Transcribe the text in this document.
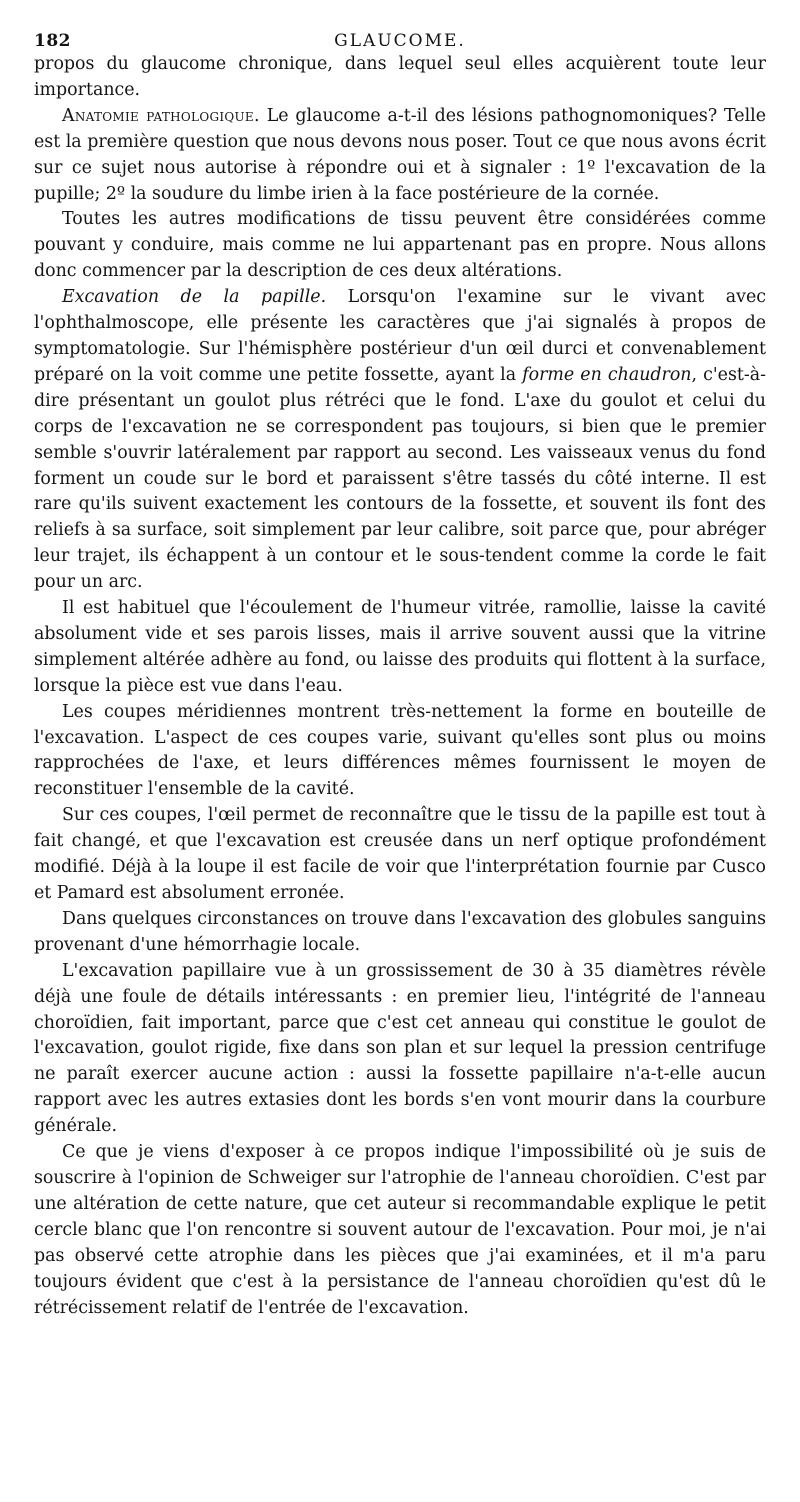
182	GLAUCOME.

propos du glaucome chronique, dans lequel seul elles acquièrent toute leur importance.

Anatomie pathologique. Le glaucome a-t-il des lésions pathognomoniques? Telle est la première question que nous devons nous poser. Tout ce que nous avons écrit sur ce sujet nous autorise à répondre oui et à signaler : 1º l'excavation de la pupille; 2º la soudure du limbe irien à la face postérieure de la cornée.

Toutes les autres modifications de tissu peuvent être considérées comme pouvant y conduire, mais comme ne lui appartenant pas en propre. Nous allons donc commencer par la description de ces deux altérations.

Excavation de la papille. Lorsqu'on l'examine sur le vivant avec l'ophthalmoscope, elle présente les caractères que j'ai signalés à propos de symptomatologie. Sur l'hémisphère postérieur d'un œil durci et convenablement préparé on la voit comme une petite fossette, ayant la forme en chaudron, c'est-à-dire présentant un goulot plus rétréci que le fond. L'axe du goulot et celui du corps de l'excavation ne se correspondent pas toujours, si bien que le premier semble s'ouvrir latéralement par rapport au second. Les vaisseaux venus du fond forment un coude sur le bord et paraissent s'être tassés du côté interne. Il est rare qu'ils suivent exactement les contours de la fossette, et souvent ils font des reliefs à sa surface, soit simplement par leur calibre, soit parce que, pour abréger leur trajet, ils échappent à un contour et le sous-tendent comme la corde le fait pour un arc.

Il est habituel que l'écoulement de l'humeur vitrée, ramollie, laisse la cavité absolument vide et ses parois lisses, mais il arrive souvent aussi que la vitrine simplement altérée adhère au fond, ou laisse des produits qui flottent à la surface, lorsque la pièce est vue dans l'eau.

Les coupes méridiennes montrent très-nettement la forme en bouteille de l'excavation. L'aspect de ces coupes varie, suivant qu'elles sont plus ou moins rapprochées de l'axe, et leurs différences mêmes fournissent le moyen de reconstituer l'ensemble de la cavité.

Sur ces coupes, l'œil permet de reconnaître que le tissu de la papille est tout à fait changé, et que l'excavation est creusée dans un nerf optique profondément modifié. Déjà à la loupe il est facile de voir que l'interprétation fournie par Cusco et Pamard est absolument erronée.

Dans quelques circonstances on trouve dans l'excavation des globules sanguins provenant d'une hémorrhagie locale.

L'excavation papillaire vue à un grossissement de 30 à 35 diamètres révèle déjà une foule de détails intéressants : en premier lieu, l'intégrité de l'anneau choroïdien, fait important, parce que c'est cet anneau qui constitue le goulot de l'excavation, goulot rigide, fixe dans son plan et sur lequel la pression centrifuge ne paraît exercer aucune action : aussi la fossette papillaire n'a-t-elle aucun rapport avec les autres extasies dont les bords s'en vont mourir dans la courbure générale.

Ce que je viens d'exposer à ce propos indique l'impossibilité où je suis de souscrire à l'opinion de Schweiger sur l'atrophie de l'anneau choroïdien. C'est par une altération de cette nature, que cet auteur si recommandable explique le petit cercle blanc que l'on rencontre si souvent autour de l'excavation. Pour moi, je n'ai pas observé cette atrophie dans les pièces que j'ai examinées, et il m'a paru toujours évident que c'est à la persistance de l'anneau choroïdien qu'est dû le rétrécissement relatif de l'entrée de l'excavation.
